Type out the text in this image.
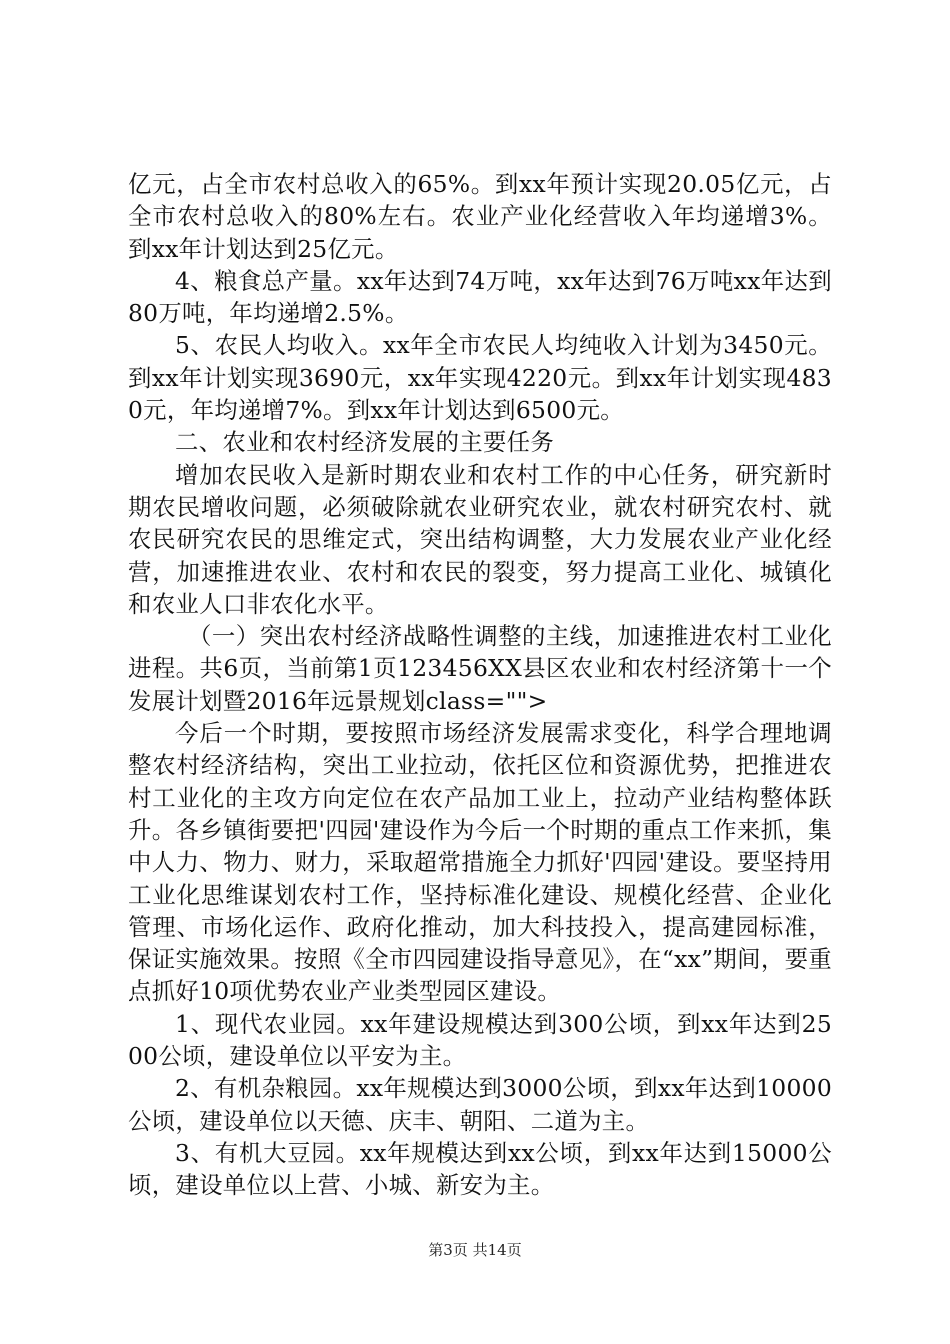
亿元，占全市农村总收入的65%。到xx年预计实现20.05亿元，占全市农村总收入的80%左右。农业产业化经营收入年均递增3%。到xx年计划达到25亿元。

4、粮食总产量。xx年达到74万吨，xx年达到76万吨xx年达到80万吨，年均递增2.5%。

5、农民人均收入。xx年全市农民人均纯收入计划为3450元。到xx年计划实现3690元，xx年实现4220元。到xx年计划实现4830元，年均递增7%。到xx年计划达到6500元。

二、农业和农村经济发展的主要任务

增加农民收入是新时期农业和农村工作的中心任务，研究新时期农民增收问题，必须破除就农业研究农业，就农村研究农村、就农民研究农民的思维定式，突出结构调整，大力发展农业产业化经营，加速推进农业、农村和农民的裂变，努力提高工业化、城镇化和农业人口非农化水平。

（一）突出农村经济战略性调整的主线，加速推进农村工业化进程。共6页，当前第1页123456XX县区农业和农村经济第十一个发展计划暨2016年远景规划class="">

今后一个时期，要按照市场经济发展需求变化，科学合理地调整农村经济结构，突出工业拉动，依托区位和资源优势，把推进农村工业化的主攻方向定位在农产品加工业上，拉动产业结构整体跃升。各乡镇街要把'四园'建设作为今后一个时期的重点工作来抓，集中人力、物力、财力，采取超常措施全力抓好'四园'建设。要坚持用工业化思维谋划农村工作，坚持标准化建设、规模化经营、企业化管理、市场化运作、政府化推动，加大科技投入，提高建园标准，保证实施效果。按照《全市四园建设指导意见》，在“xx”期间，要重点抓好10项优势农业产业类型园区建设。

1、现代农业园。xx年建设规模达到300公顷，到xx年达到2500公顷，建设单位以平安为主。

2、有机杂粮园。xx年规模达到3000公顷，到xx年达到10000公顷，建设单位以天德、庆丰、朝阳、二道为主。

3、有机大豆园。xx年规模达到xx公顷，到xx年达到15000公顷，建设单位以上营、小城、新安为主。

第3页 共14页
